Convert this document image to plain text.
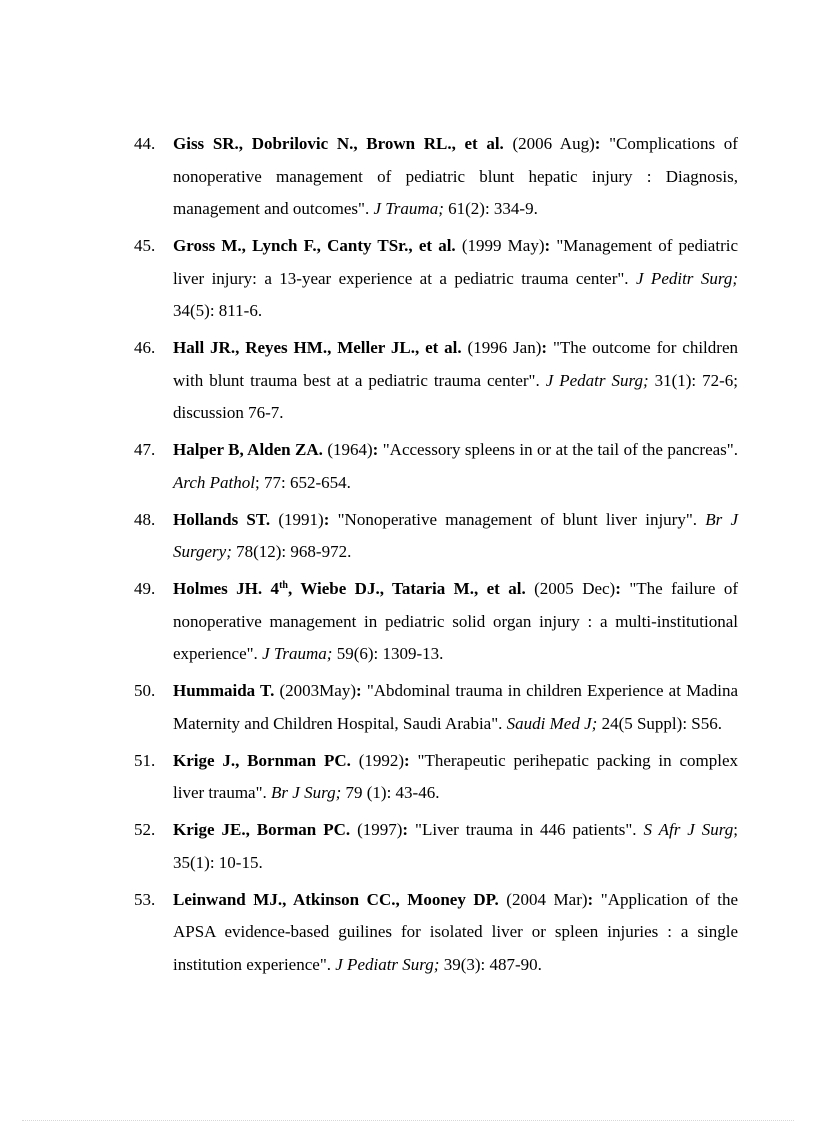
44. Giss SR., Dobrilovic N., Brown RL., et al. (2006 Aug): "Complications of nonoperative management of pediatric blunt hepatic injury : Diagnosis, management and outcomes". J Trauma; 61(2): 334-9.
45. Gross M., Lynch F., Canty TSr., et al. (1999 May): "Management of pediatric liver injury: a 13-year experience at a pediatric trauma center". J Peditr Surg; 34(5): 811-6.
46. Hall JR., Reyes HM., Meller JL., et al. (1996 Jan): "The outcome for children with blunt trauma best at a pediatric trauma center". J Pedatr Surg; 31(1): 72-6; discussion 76-7.
47. Halper B, Alden ZA. (1964): "Accessory spleens in or at the tail of the pancreas". Arch Pathol; 77: 652-654.
48. Hollands ST. (1991): "Nonoperative management of blunt liver injury". Br J Surgery; 78(12): 968-972.
49. Holmes JH. 4th, Wiebe DJ., Tataria M., et al. (2005 Dec): "The failure of nonoperative management in pediatric solid organ injury : a multi-institutional experience". J Trauma; 59(6): 1309-13.
50. Hummaida T. (2003May): "Abdominal trauma in children Experience at Madina Maternity and Children Hospital, Saudi Arabia". Saudi Med J; 24(5 Suppl): S56.
51. Krige J., Bornman PC. (1992): "Therapeutic perihepatic packing in complex liver trauma". Br J Surg; 79 (1): 43-46.
52. Krige JE., Borman PC. (1997): "Liver trauma in 446 patients". S Afr J Surg; 35(1): 10-15.
53. Leinwand MJ., Atkinson CC., Mooney DP. (2004 Mar): "Application of the APSA evidence-based guilines for isolated liver or spleen injuries : a single institution experience". J Pediatr Surg; 39(3): 487-90.
